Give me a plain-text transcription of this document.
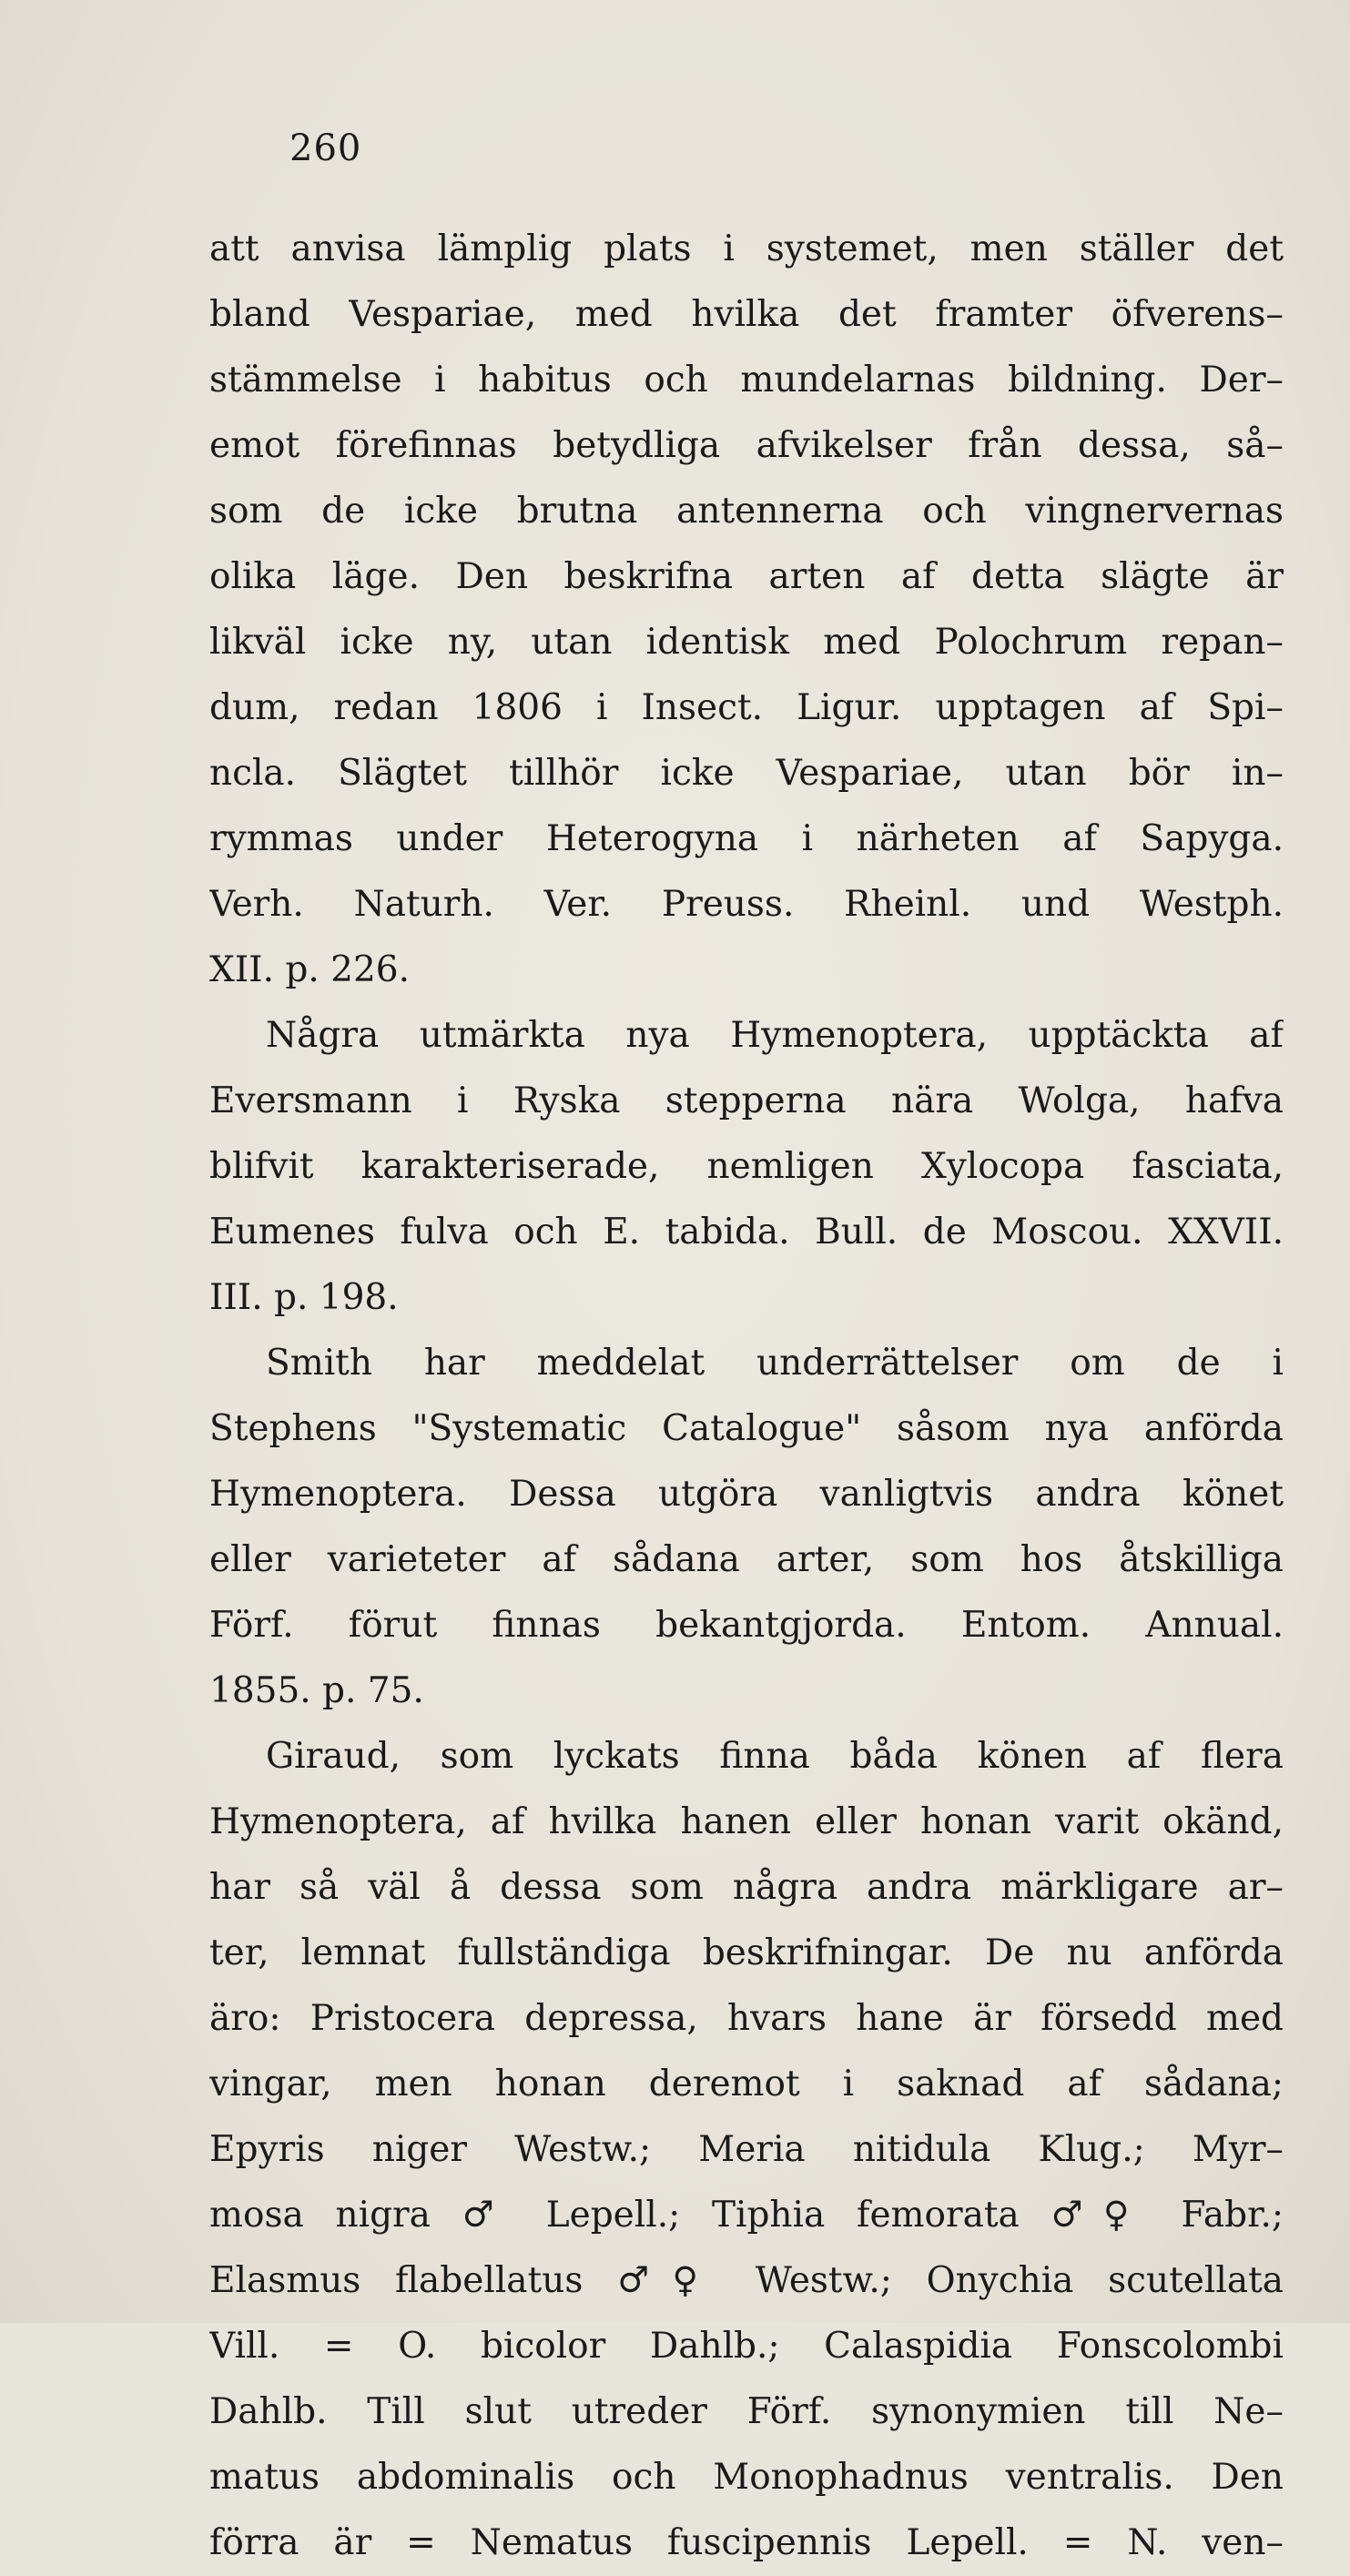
260
att anvisa lämplig plats i systemet, men ställer det
bland Vespariae, med hvilka det framter öfverens–
stämmelse i habitus och mundelarnas bildning. Der–
emot förefinnas betydliga afvikelser från dessa, så–
som de icke brutna antennerna och vingnervernas
olika läge. Den beskrifna arten af detta slägte är
likväl icke ny, utan identisk med Polochrum repan–
dum, redan 1806 i Insect. Ligur. upptagen af Spi–
ncla. Slägtet tillhör icke Vespariae, utan bör in–
rymmas under Heterogyna i närheten af Sapyga.
Verh. Naturh. Ver. Preuss. Rheinl. und Westph.
XII. p. 226.
Några utmärkta nya Hymenoptera, upptäckta af
Eversmann i Ryska stepperna nära Wolga, hafva
blifvit karakteriserade, nemligen Xylocopa fasciata,
Eumenes fulva och E. tabida. Bull. de Moscou. XXVII.
III. p. 198.
Smith har meddelat underrättelser om de i
Stephens "Systematic Catalogue" såsom nya anförda
Hymenoptera. Dessa utgöra vanligtvis andra könet
eller varieteter af sådana arter, som hos åtskilliga
Förf. förut finnas bekantgjorda. Entom. Annual.
1855. p. 75.
Giraud, som lyckats finna båda könen af flera
Hymenoptera, af hvilka hanen eller honan varit okänd,
har så väl å dessa som några andra märkligare ar–
ter, lemnat fullständiga beskrifningar. De nu anförda
äro: Pristocera depressa, hvars hane är försedd med
vingar, men honan deremot i saknad af sådana;
Epyris niger Westw.; Meria nitidula Klug.; Myr–
mosa nigra ♂ Lepell.; Tiphia femorata ♂♀ Fabr.;
Elasmus flabellatus ♂♀ Westw.; Onychia scutellata
Vill. = O. bicolor Dahlb.; Calaspidia Fonscolombi
Dahlb. Till slut utreder Förf. synonymien till Ne–
matus abdominalis och Monophadnus ventralis. Den
förra är = Nematus fuscipennis Lepell. = N. ven–
